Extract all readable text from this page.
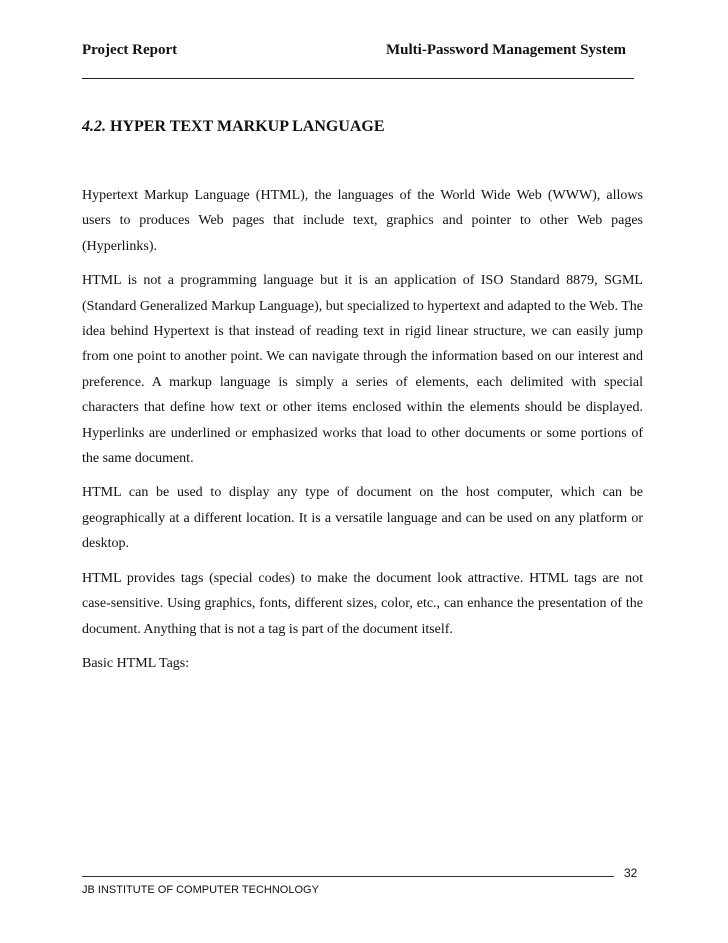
Project Report	Multi-Password Management System
4.2. HYPER TEXT MARKUP LANGUAGE

Hypertext Markup Language (HTML), the languages of the World Wide Web (WWW), allows users to produces Web pages that include text, graphics and pointer to other Web pages (Hyperlinks).

HTML is not a programming language but it is an application of ISO Standard 8879, SGML (Standard Generalized Markup Language), but specialized to hypertext and adapted to the Web. The idea behind Hypertext is that instead of reading text in rigid linear structure, we can easily jump from one point to another point. We can navigate through the information based on our interest and preference. A markup language is simply a series of elements, each delimited with special characters that define how text or other items enclosed within the elements should be displayed. Hyperlinks are underlined or emphasized works that load to other documents or some portions of the same document.

HTML can be used to display any type of document on the host computer, which can be geographically at a different location. It is a versatile language and can be used on any platform or desktop.

HTML provides tags (special codes) to make the document look attractive. HTML tags are not case-sensitive. Using graphics, fonts, different sizes, color, etc., can enhance the presentation of the document. Anything that is not a tag is part of the document itself.

Basic HTML Tags:

32
JB INSTITUTE OF COMPUTER TECHNOLOGY
